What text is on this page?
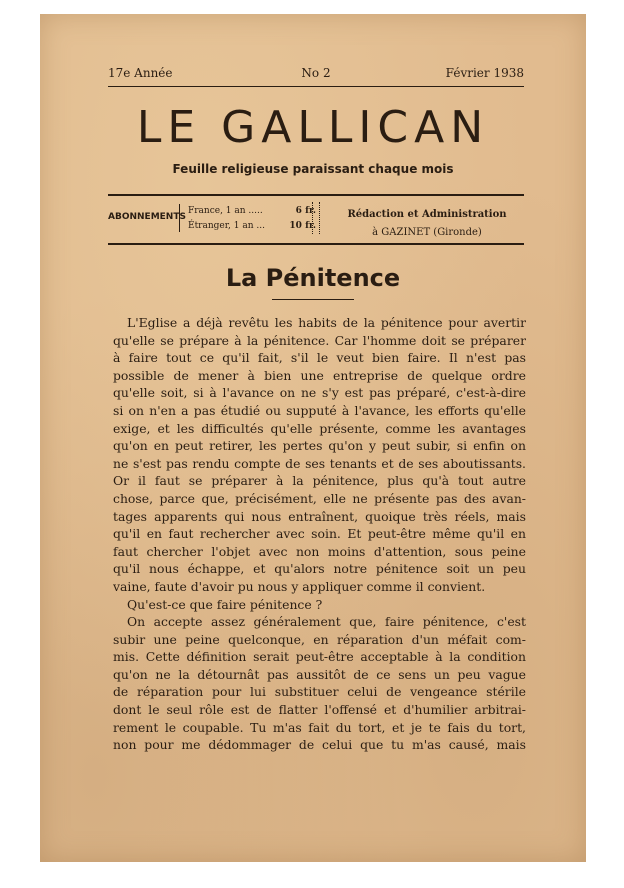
17e Année	No 2	Février 1938
LE GALLICAN
Feuille religieuse paraissant chaque mois
ABONNEMENTS
France, 1 an .....	6 fr.
Étranger, 1 an ...	10 fr.
Rédaction et Administration
à GAZINET (Gironde)
La Pénitence
L'Eglise a déjà revêtu les habits de la pénitence pour avertir
qu'elle se prépare à la pénitence. Car l'homme doit se préparer
à faire tout ce qu'il fait, s'il le veut bien faire. Il n'est pas
possible de mener à bien une entreprise de quelque ordre
qu'elle soit, si à l'avance on ne s'y est pas préparé, c'est-à-dire
si on n'en a pas étudié ou supputé à l'avance, les efforts qu'elle
exige, et les difficultés qu'elle présente, comme les avantages
qu'on en peut retirer, les pertes qu'on y peut subir, si enfin on
ne s'est pas rendu compte de ses tenants et de ses aboutissants.
Or il faut se préparer à la pénitence, plus qu'à tout autre
chose, parce que, précisément, elle ne présente pas des avan-
tages apparents qui nous entraînent, quoique très réels, mais
qu'il en faut rechercher avec soin. Et peut-être même qu'il en
faut chercher l'objet avec non moins d'attention, sous peine
qu'il nous échappe, et qu'alors notre pénitence soit un peu
vaine, faute d'avoir pu nous y appliquer comme il convient.
Qu'est-ce que faire pénitence ?
On accepte assez généralement que, faire pénitence, c'est
subir une peine quelconque, en réparation d'un méfait com-
mis. Cette définition serait peut-être acceptable à la condition
qu'on ne la détournât pas aussitôt de ce sens un peu vague
de réparation pour lui substituer celui de vengeance stérile
dont le seul rôle est de flatter l'offensé et d'humilier arbitrai-
rement le coupable. Tu m'as fait du tort, et je te fais du tort,
non pour me dédommager de celui que tu m'as causé, mais
